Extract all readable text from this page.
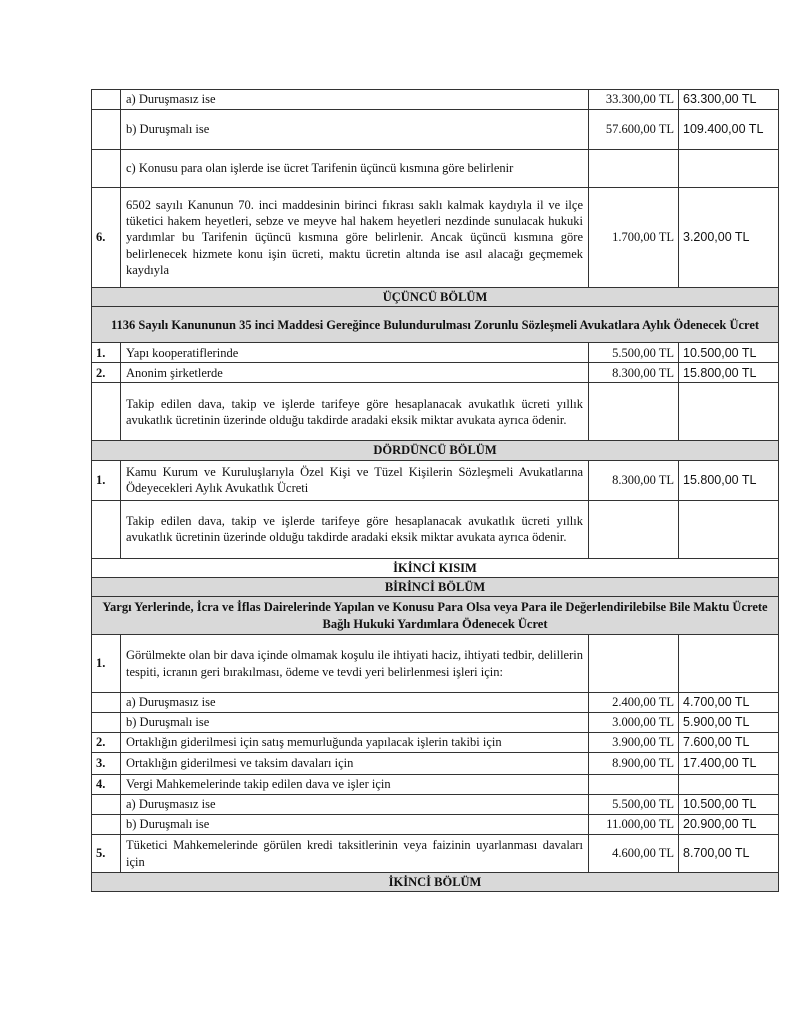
	a) Duruşmasız ise	33.300,00 TL	63.300,00 TL
	b) Duruşmalı ise	57.600,00 TL	109.400,00 TL
	c) Konusu para olan işlerde ise ücret Tarifenin üçüncü kısmına göre belirlenir		
6.	6502 sayılı Kanunun 70. inci maddesinin birinci fıkrası saklı kalmak kaydıyla il ve ilçe tüketici hakem heyetleri, sebze ve meyve hal hakem heyetleri nezdinde sunulacak hukuki yardımlar bu Tarifenin üçüncü kısmına göre belirlenir. Ancak üçüncü kısmına göre belirlenecek hizmete konu işin ücreti, maktu ücretin altında ise asıl alacağı geçmemek kaydıyla	1.700,00 TL	3.200,00 TL
ÜÇÜNCÜ BÖLÜM			
1136 Sayılı Kanununun 35 inci Maddesi Gereğince Bulundurulması Zorunlu Sözleşmeli Avukatlara Aylık Ödenecek Ücret			
1.	Yapı kooperatiflerinde	5.500,00 TL	10.500,00 TL
2.	Anonim şirketlerde	8.300,00 TL	15.800,00 TL
	Takip edilen dava, takip ve işlerde tarifeye göre hesaplanacak avukatlık ücreti yıllık avukatlık ücretinin üzerinde olduğu takdirde aradaki eksik miktar avukata ayrıca ödenir.		
DÖRDÜNCÜ BÖLÜM			
1.	Kamu Kurum ve Kuruluşlarıyla Özel Kişi ve Tüzel Kişilerin Sözleşmeli Avukatlarına Ödeyecekleri Aylık Avukatlık Ücreti	8.300,00 TL	15.800,00 TL
	Takip edilen dava, takip ve işlerde tarifeye göre hesaplanacak avukatlık ücreti yıllık avukatlık ücretinin üzerinde olduğu takdirde aradaki eksik miktar avukata ayrıca ödenir.		
İKİNCİ KISIM			
BİRİNCİ BÖLÜM			
Yargı Yerlerinde, İcra ve İflas Dairelerinde Yapılan ve Konusu Para Olsa veya Para ile Değerlendirilebilse Bile Maktu Ücrete Bağlı Hukuki Yardımlara Ödenecek Ücret			
1.	Görülmekte olan bir dava içinde olmamak koşulu ile ihtiyati haciz, ihtiyati tedbir, delillerin tespiti, icranın geri bırakılması, ödeme ve tevdi yeri belirlenmesi işleri için:		
	a) Duruşmasız ise	2.400,00 TL	4.700,00 TL
	b) Duruşmalı ise	3.000,00 TL	5.900,00 TL
2.	Ortaklığın giderilmesi için satış memurluğunda yapılacak işlerin takibi için	3.900,00 TL	7.600,00 TL
3.	Ortaklığın giderilmesi ve taksim davaları için	8.900,00 TL	17.400,00 TL
4.	Vergi Mahkemelerinde takip edilen dava ve işler için		
	a) Duruşmasız ise	5.500,00 TL	10.500,00 TL
	b) Duruşmalı ise	11.000,00 TL	20.900,00 TL
5.	Tüketici Mahkemelerinde görülen kredi taksitlerinin veya faizinin uyarlanması davaları için	4.600,00 TL	8.700,00 TL
İKİNCİ BÖLÜM			
